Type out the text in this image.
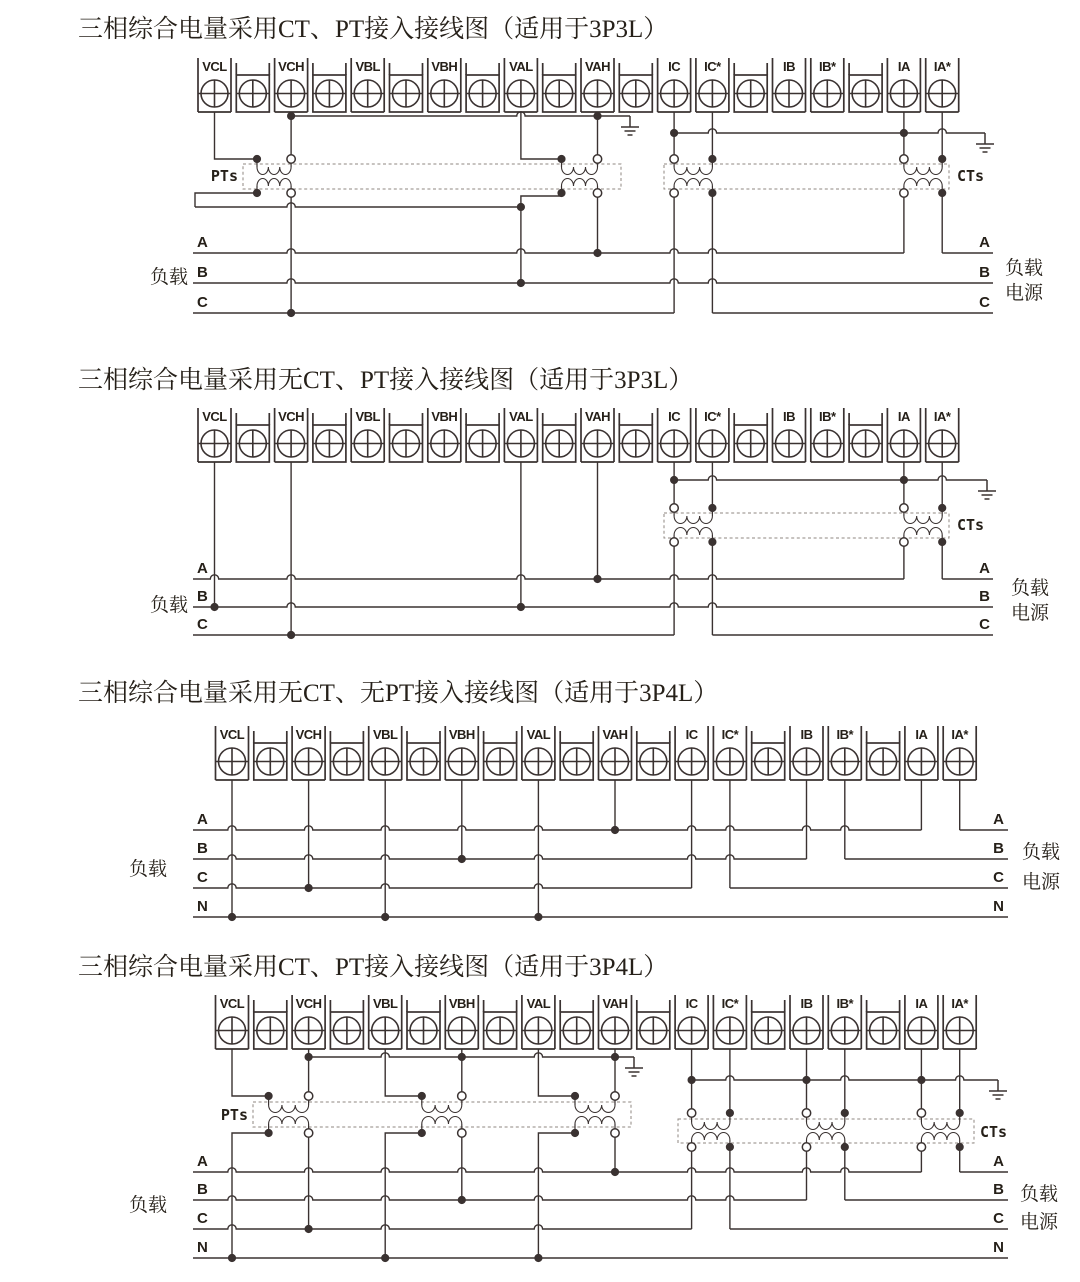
三相综合电量采用CT、PT接入接线图（适用于3P3L）
A	A
B	B
C	C
PTs	CTs
VCL	VCH	VBL	VBH	VAL	VAH	IC IC*	IB IB*	IA IA*
负载	负载
电源
三相综合电量采用无CT、PT接入接线图（适用于3P3L）
A	A
B	B
C	C
CTs
VCL	VCH	VBL	VBH	VAL	VAH	IC IC*	IB IB*	IA IA*
负载
负载
电源
三相综合电量采用无CT、无PT接入接线图（适用于3P4L）
A	A
B	B
C	C
N	N
VCL	VCH	VBL	VBH	VAL	VAH	IC IC*	IB IB*	IA IA*
负载
负载
电源
三相综合电量采用CT、PT接入接线图（适用于3P4L）
A	A
B	B
C	C
N	N
PTs
CTs
VCL	VCH	VBL	VBH	VAL	VAH	IC IC*	IB IB*	IA IA*
负载
负载
电源
